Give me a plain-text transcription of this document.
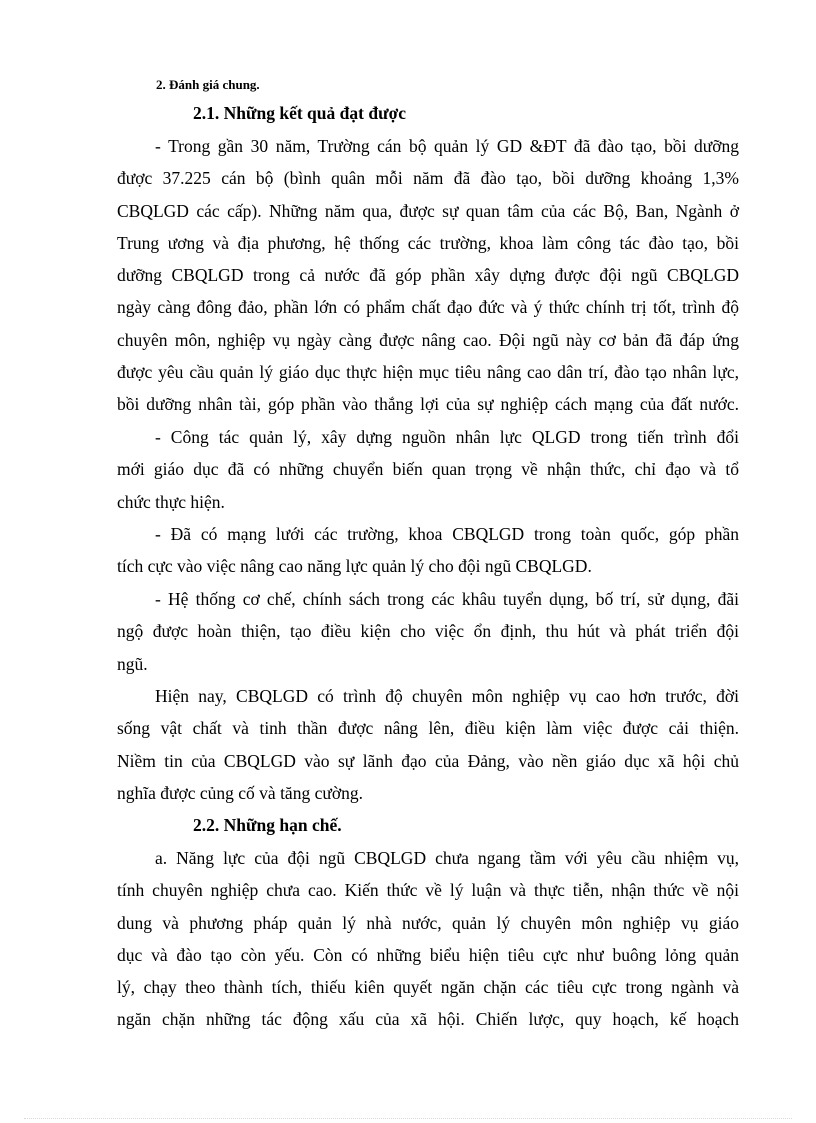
2. Đánh giá chung.
2.1. Những kết quả đạt được
- Trong gần 30 năm, Trường cán bộ quản lý GD &ĐT đã đào tạo, bồi dưỡng
được 37.225 cán bộ (bình quân mỗi năm đã đào tạo, bồi dưỡng khoảng 1,3%
CBQLGD các cấp). Những năm qua, được sự quan tâm của các Bộ, Ban, Ngành ở
Trung ương và địa phương, hệ thống các trường, khoa làm công tác đào tạo, bồi
dưỡng CBQLGD trong cả nước đã góp phần xây dựng được đội ngũ CBQLGD
ngày càng đông đảo, phần lớn có phẩm chất đạo đức và ý thức chính trị tốt, trình độ
chuyên môn, nghiệp vụ ngày càng được nâng cao. Đội ngũ này cơ bản đã đáp ứng
được yêu cầu quản lý giáo dục thực hiện mục tiêu nâng cao dân trí, đào tạo nhân lực,
bồi dưỡng nhân tài, góp phần vào thắng lợi của sự nghiệp cách mạng của đất nước.
- Công tác quản lý, xây dựng nguồn nhân lực QLGD trong tiến trình đổi
mới giáo dục đã có những chuyển biến quan trọng về nhận thức, chỉ đạo và tổ
chức thực hiện.
- Đã có mạng lưới các trường, khoa CBQLGD trong toàn quốc, góp phần
tích cực vào việc nâng cao năng lực quản lý cho đội ngũ CBQLGD.
- Hệ thống cơ chế, chính sách trong các khâu tuyển dụng, bố trí, sử dụng, đãi
ngộ được hoàn thiện, tạo điều kiện cho việc ổn định, thu hút và phát triển đội
ngũ.
Hiện nay, CBQLGD có trình độ chuyên môn nghiệp vụ cao hơn trước, đời
sống vật chất và tinh thần được nâng lên, điều kiện làm việc được cải thiện.
Niềm tin của CBQLGD vào sự lãnh đạo của Đảng, vào nền giáo dục xã hội chủ
nghĩa được củng cố và tăng cường.
2.2. Những hạn chế.
a. Năng lực của đội ngũ CBQLGD chưa ngang tầm với yêu cầu nhiệm vụ,
tính chuyên nghiệp chưa cao. Kiến thức về lý luận và thực tiễn, nhận thức về nội
dung và phương pháp quản lý nhà nước, quản lý chuyên môn nghiệp vụ giáo
dục và đào tạo còn yếu. Còn có những biểu hiện tiêu cực như buông lỏng quản
lý, chạy theo thành tích, thiếu kiên quyết ngăn chặn các tiêu cực trong ngành và
ngăn chặn những tác động xấu của xã hội. Chiến lược, quy hoạch, kế hoạch
